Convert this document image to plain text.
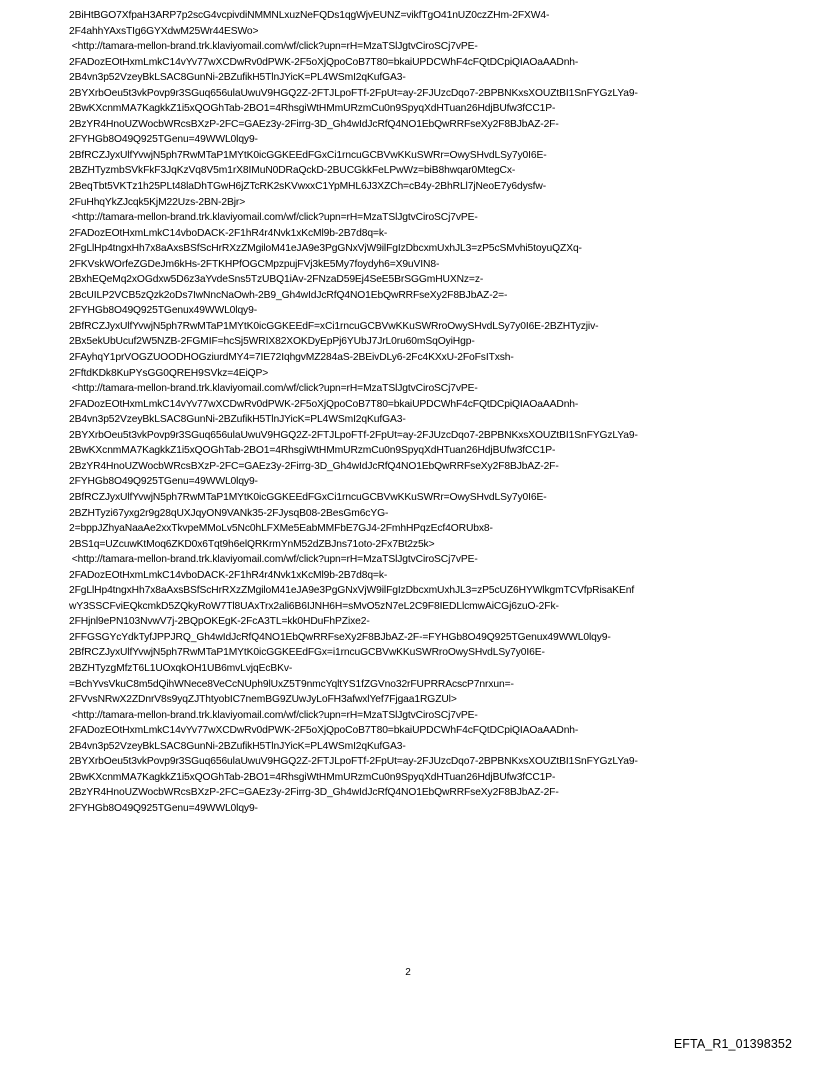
2BiHtBGO7XfpaH3ARP7p2scG4vcpivdiNMMNLxuzNeFQDs1qgWjvEUNZ=vikfTgO41nUZ0czZHm-2FXW4-
2F4ahhYAxsTIg6GYXdwM25Wr44ESWo>
<http://tamara-mellon-brand.trk.klaviyomail.com/wf/click?upn=rH=MzaTSlJgtvCiroSCj7vPE-
2FADozEOtHxmLmkC14vYv77wXCDwRv0dPWK-2F5oXjQpoCoB7T80=bkaiUPDCWhF4cFQtDCpiQIAOaAADnh-
2B4vn3p52VzeyBkLSAC8GunNi-2BZufikH5TlnJYicK=PL4WSmI2qKufGA3-
2BYXrbOeu5t3vkPovp9r3SGuq656ulaUwuV9HGQ2Z-2FTJLpoFTf-2FpUt=ay-2FJUzcDqo7-2BPBNKxsXOUZtBI1SnFYGzLYa9-
2BwKXcnmMA7KagkkZ1i5xQOGhTab-2BO1=4RhsgiWtHMmURzmCu0n9SpyqXdHTuan26HdjBUfw3fCC1P-
2BzYR4HnoUZWocbWRcsBXzP-2FC=GAEz3y-2Firrg-3D_Gh4wIdJcRfQ4NO1EbQwRRFseXy2F8BJbAZ-2F-
2FYHGb8O49Q925TGenu=49WWL0lqy9-
2BfRCZJyxUlfYvwjN5ph7RwMTaP1MYtK0icGGKEEdFGxCi1rncuGCBVwKKuSWRr=OwySHvdLSy7y0I6E-
2BZHTyzmbSVkFkF3JqKzVq8V5m1rX8IMuN0DRaQckD-2BUCGkkFeLPwWz=biB8hwqar0MtegCx-
2BeqTbt5VKTz1h25PLt48laDhTGwH6jZTcRK2sKVwxxC1YpMHL6J3XZCh=cB4y-2BhRLl7jNeoE7y6dysfw-
2FuHhqYkZJcqk5KjM22Uzs-2BN-2Bjr>
<http://tamara-mellon-brand.trk.klaviyomail.com/wf/click?upn=rH=MzaTSlJgtvCiroSCj7vPE-
2FADozEOtHxmLmkC14vboDACK-2F1hR4r4Nvk1xKcMl9b-2B7d8q=k-
2FgLlHp4tngxHh7x8aAxsBSfScHrRXzZMgiloM41eJA9e3PgGNxVjW9ilFgIzDbcxmUxhJL3=zP5cSMvhi5toyuQZXq-
2FKVskWOrfeZGDeJm6kHs-2FTKHPfOGCMpzpujFVj3kE5My7foydyh6=X9uVIN8-
2BxhEQeMq2xOGdxw5D6z3aYvdeSns5TzUBQ1iAv-2FNzaD59Ej4SeE5BrSGGmHUXNz=z-
2BcUILP2VCB5zQzk2oDs7IwNncNaOwh-2B9_Gh4wIdJcRfQ4NO1EbQwRRFseXy2F8BJbAZ-2=-
2FYHGb8O49Q925TGenux49WWL0lqy9-
2BfRCZJyxUlfYvwjN5ph7RwMTaP1MYtK0icGGKEEdF=xCi1rncuGCBVwKKuSWRroOwySHvdLSy7y0I6E-2BZHTyzjiv-
2Bx5ekUbUcuf2W5NZB-2FGMIF=hcSj5WRIX82XOKDyEpPj6YUbJ7JrL0ru60mSqOyiHgp-
2FAyhqY1prVOGZUOODHOGziurdMY4=7IE72IqhgvMZ284aS-2BEivDLy6-2Fc4KXxU-2FoFsITxsh-
2FftdKDk8KuPYsGG0QREH9SVkz=4EiQP>
<http://tamara-mellon-brand.trk.klaviyomail.com/wf/click?upn=rH=MzaTSlJgtvCiroSCj7vPE-
2FADozEOtHxmLmkC14vYv77wXCDwRv0dPWK-2F5oXjQpoCoB7T80=bkaiUPDCWhF4cFQtDCpiQIAOaAADnh-
2B4vn3p52VzeyBkLSAC8GunNi-2BZufikH5TlnJYicK=PL4WSmI2qKufGA3-
2BYXrbOeu5t3vkPovp9r3SGuq656ulaUwuV9HGQ2Z-2FTJLpoFTf-2FpUt=ay-2FJUzcDqo7-2BPBNKxsXOUZtBI1SnFYGzLYa9-
2BwKXcnmMA7KagkkZ1i5xQOGhTab-2BO1=4RhsgiWtHMmURzmCu0n9SpyqXdHTuan26HdjBUfw3fCC1P-
2BzYR4HnoUZWocbWRcsBXzP-2FC=GAEz3y-2Firrg-3D_Gh4wIdJcRfQ4NO1EbQwRRFseXy2F8BJbAZ-2F-
2FYHGb8O49Q925TGenu=49WWL0lqy9-
2BfRCZJyxUlfYvwjN5ph7RwMTaP1MYtK0icGGKEEdFGxCi1rncuGCBVwKKuSWRr=OwySHvdLSy7y0I6E-
2BZHTyzi67yxg2r9g28qUXJqyON9VANk35-2FJysqB08-2BesGm6cYG-
2=bppJZhyaNaaAe2xxTkvpeMMoLv5Nc0hLFXMe5EabMMFbE7GJ4-2FmhHPqzEcf4ORUbx8-
2BS1q=UZcuwKtMoq6ZKD0x6Tqt9h6elQRKrmYnM52dZBJns71oto-2Fx7Bt2z5k>
<http://tamara-mellon-brand.trk.klaviyomail.com/wf/click?upn=rH=MzaTSlJgtvCiroSCj7vPE-
2FADozEOtHxmLmkC14vboDACK-2F1hR4r4Nvk1xKcMl9b-2B7d8q=k-
2FgLlHp4tngxHh7x8aAxsBSfScHrRXzZMgiloM41eJA9e3PgGNxVjW9ilFgIzDbcxmUxhJL3=zP5cUZ6HYWlkgmTCVfpRisaKEnf
wY3SSCFviEQkcmkD5ZQkyRoW7Tl8UAxTrx2ali6B6IJNH6H=sMvO5zN7eL2C9F8IEDLlcmwAiCGj6zuO-2Fk-
2FHjnl9ePN103NvwV7j-2BQpOKEgK-2FcA3TL=kk0HDuFhPZixe2-
2FFGSGYcYdkTyfJPPJRQ_Gh4wIdJcRfQ4NO1EbQwRRFseXy2F8BJbAZ-2F-=FYHGb8O49Q925TGenux49WWL0lqy9-
2BfRCZJyxUlfYvwjN5ph7RwMTaP1MYtK0icGGKEEdFGx=i1rncuGCBVwKKuSWRroOwySHvdLSy7y0I6E-
2BZHTyzgMfzT6L1UOxqkOH1UB6mvLvjqEcBKv-
=BchYvsVkuC8m5dQihWNece8VeCcNUph9lUxZ5T9nmcYqltYS1fZGVno32rFUPRRAcscP7nrxun=-
2FVvsNRwX2ZDnrV8s9yqZJThtyobIC7nemBG9ZUwJyLoFH3afwxlYef7Fjgaa1RGZUl>
<http://tamara-mellon-brand.trk.klaviyomail.com/wf/click?upn=rH=MzaTSlJgtvCiroSCj7vPE-
2FADozEOtHxmLmkC14vYv77wXCDwRv0dPWK-2F5oXjQpoCoB7T80=bkaiUPDCWhF4cFQtDCpiQIAOaAADnh-
2B4vn3p52VzeyBkLSAC8GunNi-2BZufikH5TlnJYicK=PL4WSmI2qKufGA3-
2BYXrbOeu5t3vkPovp9r3SGuq656ulaUwuV9HGQ2Z-2FTJLpoFTf-2FpUt=ay-2FJUzcDqo7-2BPBNKxsXOUZtBI1SnFYGzLYa9-
2BwKXcnmMA7KagkkZ1i5xQOGhTab-2BO1=4RhsgiWtHMmURzmCu0n9SpyqXdHTuan26HdjBUfw3fCC1P-
2BzYR4HnoUZWocbWRcsBXzP-2FC=GAEz3y-2Firrg-3D_Gh4wIdJcRfQ4NO1EbQwRRFseXy2F8BJbAZ-2F-
2FYHGb8O49Q925TGenu=49WWL0lqy9-
2
EFTA_R1_01398352
